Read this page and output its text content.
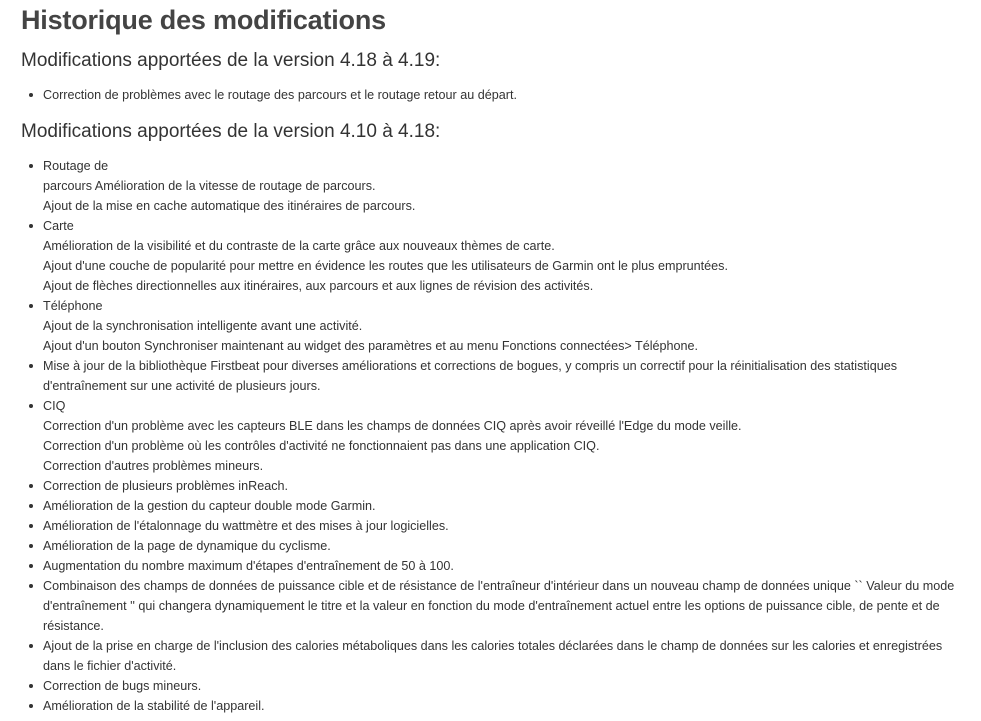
Historique des modifications
Modifications apportées de la version 4.18 à 4.19:
Correction de problèmes avec le routage des parcours et le routage retour au départ.
Modifications apportées de la version 4.10 à 4.18:
Routage de
parcours Amélioration de la vitesse de routage de parcours.
Ajout de la mise en cache automatique des itinéraires de parcours.
Carte
Amélioration de la visibilité et du contraste de la carte grâce aux nouveaux thèmes de carte.
Ajout d'une couche de popularité pour mettre en évidence les routes que les utilisateurs de Garmin ont le plus empruntées.
Ajout de flèches directionnelles aux itinéraires, aux parcours et aux lignes de révision des activités.
Téléphone
Ajout de la synchronisation intelligente avant une activité.
Ajout d'un bouton Synchroniser maintenant au widget des paramètres et au menu Fonctions connectées> Téléphone.
Mise à jour de la bibliothèque Firstbeat pour diverses améliorations et corrections de bogues, y compris un correctif pour la réinitialisation des statistiques d'entraînement sur une activité de plusieurs jours.
CIQ
Correction d'un problème avec les capteurs BLE dans les champs de données CIQ après avoir réveillé l'Edge du mode veille.
Correction d'un problème où les contrôles d'activité ne fonctionnaient pas dans une application CIQ.
Correction d'autres problèmes mineurs.
Correction de plusieurs problèmes inReach.
Amélioration de la gestion du capteur double mode Garmin.
Amélioration de l'étalonnage du wattmètre et des mises à jour logicielles.
Amélioration de la page de dynamique du cyclisme.
Augmentation du nombre maximum d'étapes d'entraînement de 50 à 100.
Combinaison des champs de données de puissance cible et de résistance de l'entraîneur d'intérieur dans un nouveau champ de données unique `` Valeur du mode d'entraînement '' qui changera dynamiquement le titre et la valeur en fonction du mode d'entraînement actuel entre les options de puissance cible, de pente et de résistance.
Ajout de la prise en charge de l'inclusion des calories métaboliques dans les calories totales déclarées dans le champ de données sur les calories et enregistrées dans le fichier d'activité.
Correction de bugs mineurs.
Amélioration de la stabilité de l'appareil.
